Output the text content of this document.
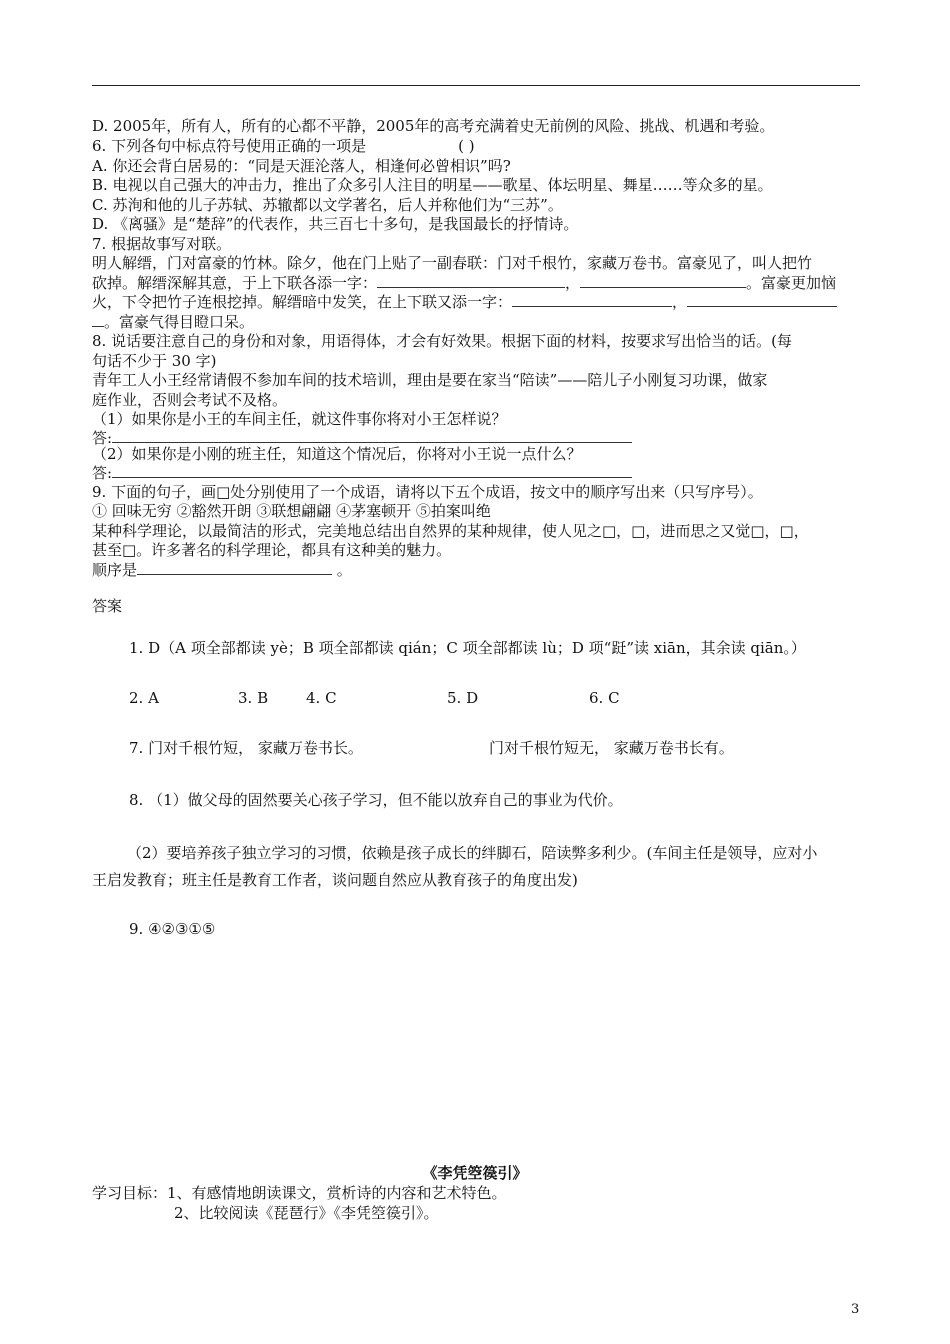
D. 2005年，所有人，所有的心都不平静，2005年的高考充满着史无前例的风险、挑战、机遇和考验。
6. 下列各句中标点符号使用正确的一项是	( )
A. 你还会背白居易的：“同是天涯沦落人，相逢何必曾相识”吗?
B. 电视以自己强大的冲击力，推出了众多引人注目的明星——歌星、体坛明星、舞星……等众多的星。
C. 苏洵和他的儿子苏轼、苏辙都以文学著名，后人并称他们为“三苏”。
D. 《离骚》是“楚辞”的代表作，共三百七十多句，是我国最长的抒情诗。
7. 根据故事写对联。
明人解缙，门对富豪的竹林。除夕，他在门上贴了一副春联：门对千根竹，家藏万卷书。富豪见了，叫人把竹
砍掉。解缙深解其意，于上下联各添一字：	，	。富豪更加恼
火，下令把竹子连根挖掉。解缙暗中发笑，在上下联又添一字：	，
。富豪气得目瞪口呆。
8. 说话要注意自己的身份和对象，用语得体，才会有好效果。根据下面的材料，按要求写出恰当的话。(每
句话不少于 30 字)
青年工人小王经常请假不参加车间的技术培训，理由是要在家当“陪读”——陪儿子小刚复习功课，做家
庭作业，否则会考试不及格。
（1）如果你是小王的车间主任，就这件事你将对小王怎样说？
答:
（2）如果你是小刚的班主任，知道这个情况后，你将对小王说一点什么？
答:
9. 下面的句子，画□处分别使用了一个成语，请将以下五个成语，按文中的顺序写出来（只写序号）。
① 回味无穷 ②豁然开朗 ③联想翩翩 ④茅塞顿开 ⑤拍案叫绝
某种科学理论，以最简洁的形式，完美地总结出自然界的某种规律，使人见之□，□，进而思之又觉□，□，
甚至□。许多著名的科学理论，都具有这种美的魅力。
顺序是	。
答案
1. D（A 项全部都读 yè；B 项全部都读 qián；C 项全部都读 lù；D 项“跹”读 xiān，其余读 qiān。）
2. A	3. B	4. C	5. D	6. C
7. 门对千根竹短， 家藏万卷书长。	门对千根竹短无， 家藏万卷书长有。
8. （1）做父母的固然要关心孩子学习，但不能以放弃自己的事业为代价。
（2）要培养孩子独立学习的习惯，依赖是孩子成长的绊脚石，陪读弊多利少。(车间主任是领导，应对小
王启发教育；班主任是教育工作者，谈问题自然应从教育孩子的角度出发)
9. ④②③①⑤
《李凭箜篌引》
学习目标：1、有感情地朗读课文，赏析诗的内容和艺术特色。
2、比较阅读《琵琶行》《李凭箜篌引》。
3
